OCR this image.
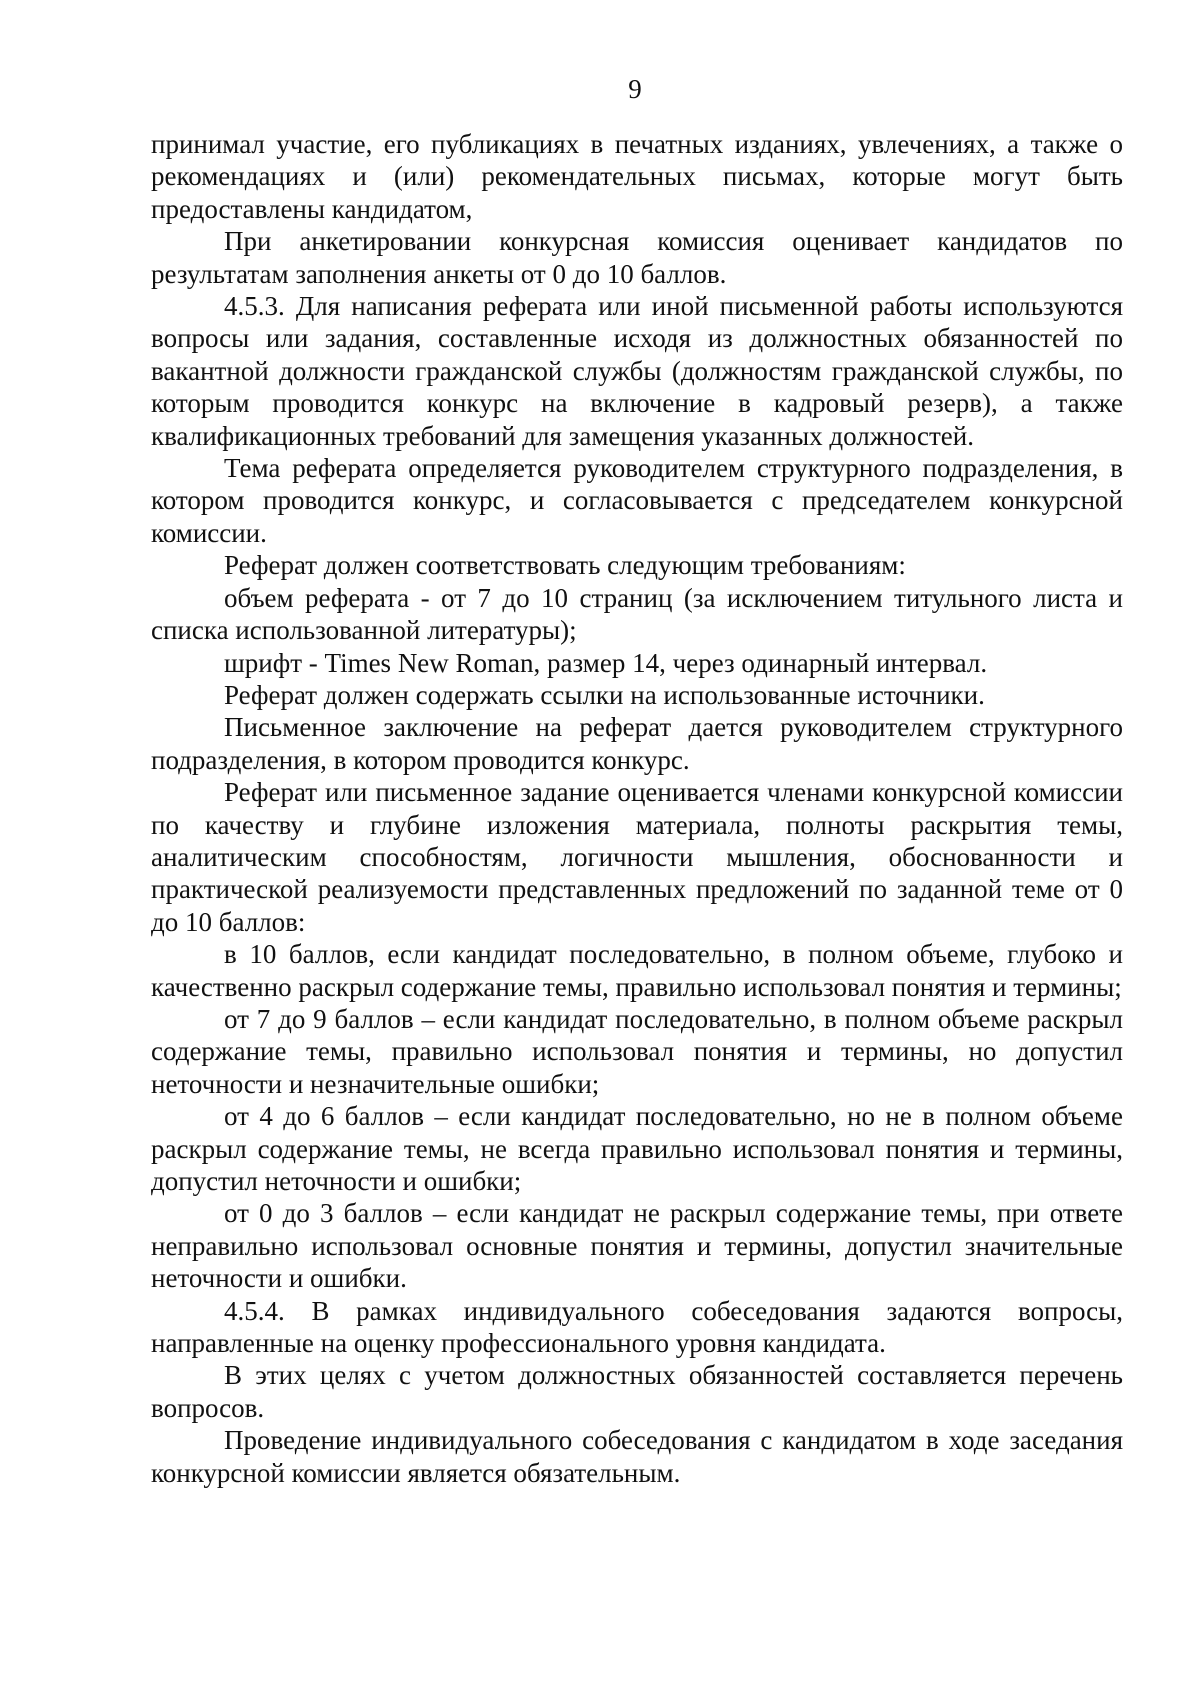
9

принимал участие, его публикациях в печатных изданиях, увлечениях, а также о рекомендациях и (или) рекомендательных письмах, которые могут быть предоставлены кандидатом,

При анкетировании конкурсная комиссия оценивает кандидатов по результатам заполнения анкеты от 0 до 10 баллов.

4.5.3. Для написания реферата или иной письменной работы используются вопросы или задания, составленные исходя из должностных обязанностей по вакантной должности гражданской службы (должностям гражданской службы, по которым проводится конкурс на включение в кадровый резерв), а также квалификационных требований для замещения указанных должностей.

Тема реферата определяется руководителем структурного подразделения, в котором проводится конкурс, и согласовывается с председателем конкурсной комиссии.

Реферат должен соответствовать следующим требованиям:

объем реферата - от 7 до 10 страниц (за исключением титульного листа и списка использованной литературы);

шрифт - Times New Roman, размер 14, через одинарный интервал.

Реферат должен содержать ссылки на использованные источники.

Письменное заключение на реферат дается руководителем структурного подразделения, в котором проводится конкурс.

Реферат или письменное задание оценивается членами конкурсной комиссии по качеству и глубине изложения материала, полноты раскрытия темы, аналитическим способностям, логичности мышления, обоснованности и практической реализуемости представленных предложений по заданной теме от 0 до 10 баллов:

в 10 баллов, если кандидат последовательно, в полном объеме, глубоко и качественно раскрыл содержание темы, правильно использовал понятия и термины;

от 7 до 9 баллов – если кандидат последовательно, в полном объеме раскрыл содержание темы, правильно использовал понятия и термины, но допустил неточности и незначительные ошибки;

от 4 до 6 баллов – если кандидат последовательно, но не в полном объеме раскрыл содержание темы, не всегда правильно использовал понятия и термины, допустил неточности и ошибки;

от 0 до 3 баллов – если кандидат не раскрыл содержание темы, при ответе неправильно использовал основные понятия и термины, допустил значительные неточности и ошибки.

4.5.4. В рамках индивидуального собеседования задаются вопросы, направленные на оценку профессионального уровня кандидата.

В этих целях с учетом должностных обязанностей составляется перечень вопросов.

Проведение индивидуального собеседования с кандидатом в ходе заседания конкурсной комиссии является обязательным.
